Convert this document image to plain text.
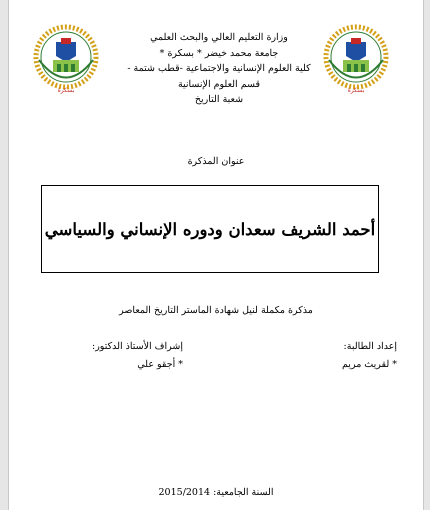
بسكرة	بسكرة
وزارة التعليم العالي والبحث العلمي
جامعة محمد خيضر * بسكرة *
كلية العلوم الإنسانية والاجتماعية -قطب شتمة -
قسم العلوم الإنسانية
شعبة التاريخ
عنوان المذكرة
أحمد الشريف سعدان ودوره الإنساني والسياسي
مذكرة مكملة لنيل شهادة الماستر التاريخ المعاصر
إعداد الطالبة:
* لقريث مريم
إشراف الأستاذ الدكتور:
* أجقو علي
السنة الجامعية: 2015/2014
